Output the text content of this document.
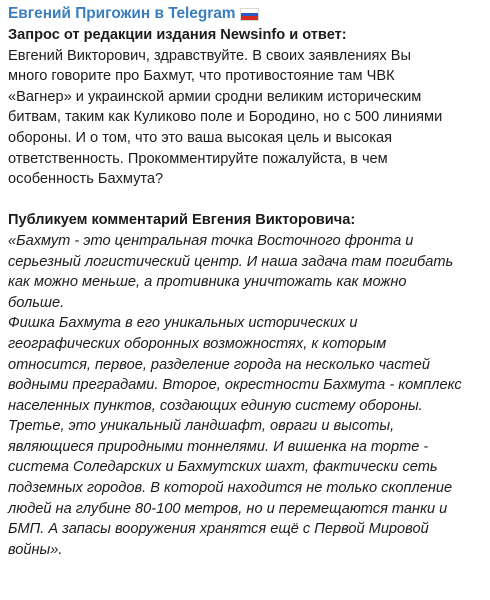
Евгений Пригожин в Telegram
Запрос от редакции издания Newsinfo и ответ:
Евгений Викторович, здравствуйте. В своих заявлениях Вы
много говорите про Бахмут, что противостояние там ЧВК
«Вагнер» и украинской армии сродни великим историческим
битвам, таким как Куликово поле и Бородино, но с 500 линиями
обороны. И о том, что это ваша высокая цель и высокая
ответственность. Прокомментируйте пожалуйста, в чем
особенность Бахмута?
Публикуем комментарий Евгения Викторовича:
«Бахмут - это центральная точка Восточного фронта и
серьезный логистический центр. И наша задача там погибать
как можно меньше, а противника уничтожать как можно
больше.
Фишка Бахмута в его уникальных исторических и
географических оборонных возможностях, к которым
относится, первое, разделение города на несколько частей
водными преградами. Второе, окрестности Бахмута - комплекс
населенных пунктов, создающих единую систему обороны.
Третье, это уникальный ландшафт, овраги и высоты,
являющиеся природными тоннелями. И вишенка на торте -
система Соледарских и Бахмутских шахт, фактически сеть
подземных городов. В которой находится не только скопление
людей на глубине 80-100 метров, но и перемещаются танки и
БМП. А запасы вооружения хранятся ещё с Первой Мировой
войны».
